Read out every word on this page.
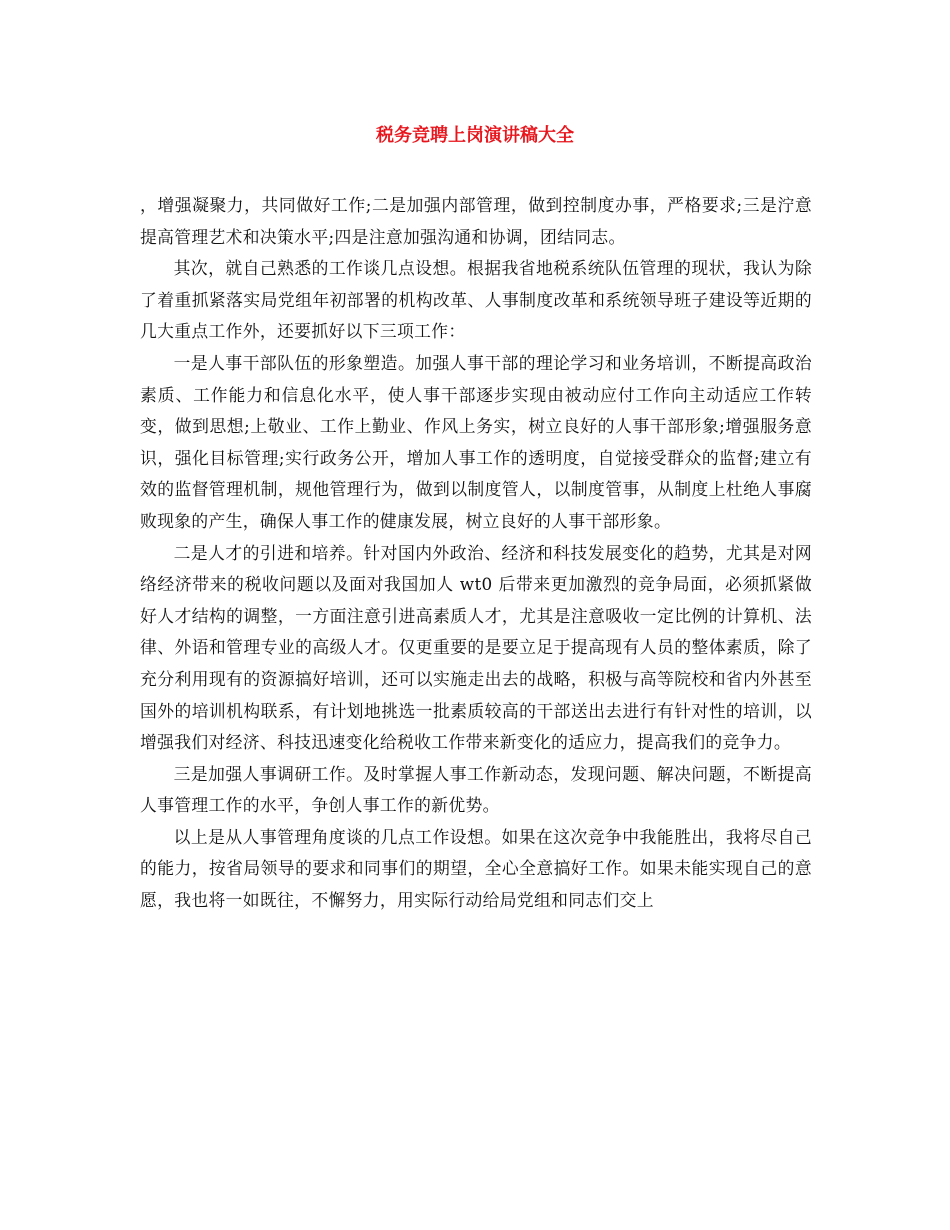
税务竞聘上岗演讲稿大全

，增强凝聚力，共同做好工作;二是加强内部管理，做到控制度办事，严格要求;三是泞意提高管理艺术和决策水平;四是注意加强沟通和协调，团结同志。

其次，就自己熟悉的工作谈几点设想。根据我省地税系统队伍管理的现状，我认为除了着重抓紧落实局党组年初部署的机构改革、人事制度改革和系统领导班子建设等近期的几大重点工作外，还要抓好以下三项工作：

一是人事干部队伍的形象塑造。加强人事干部的理论学习和业务培训，不断提高政治素质、工作能力和信息化水平，使人事干部逐步实现由被动应付工作向主动适应工作转变，做到思想;上敬业、工作上勤业、作风上务实，树立良好的人事干部形象;增强服务意识，强化目标管理;实行政务公开，增加人事工作的透明度，自觉接受群众的监督;建立有效的监督管理机制，规他管理行为，做到以制度管人，以制度管事，从制度上杜绝人事腐败现象的产生，确保人事工作的健康发展，树立良好的人事干部形象。

二是人才的引进和培养。针对国内外政治、经济和科技发展变化的趋势，尤其是对网络经济带来的税收问题以及面对我国加人 wt0 后带来更加激烈的竞争局面，必须抓紧做好人才结构的调整，一方面注意引进高素质人才，尤其是注意吸收一定比例的计算机、法律、外语和管理专业的高级人才。仅更重要的是要立足于提高现有人员的整体素质，除了充分利用现有的资源搞好培训，还可以实施走出去的战略，积极与高等院校和省内外甚至国外的培训机构联系，有计划地挑选一批素质较高的干部送出去进行有针对性的培训，以增强我们对经济、科技迅速变化给税收工作带来新变化的适应力，提高我们的竞争力。

三是加强人事调研工作。及时掌握人事工作新动态，发现问题、解决问题，不断提高人事管理工作的水平，争创人事工作的新优势。

以上是从人事管理角度谈的几点工作设想。如果在这次竞争中我能胜出，我将尽自己的能力，按省局领导的要求和同事们的期望，全心全意搞好工作。如果未能实现自己的意愿，我也将一如既往，不懈努力，用实际行动给局党组和同志们交上
